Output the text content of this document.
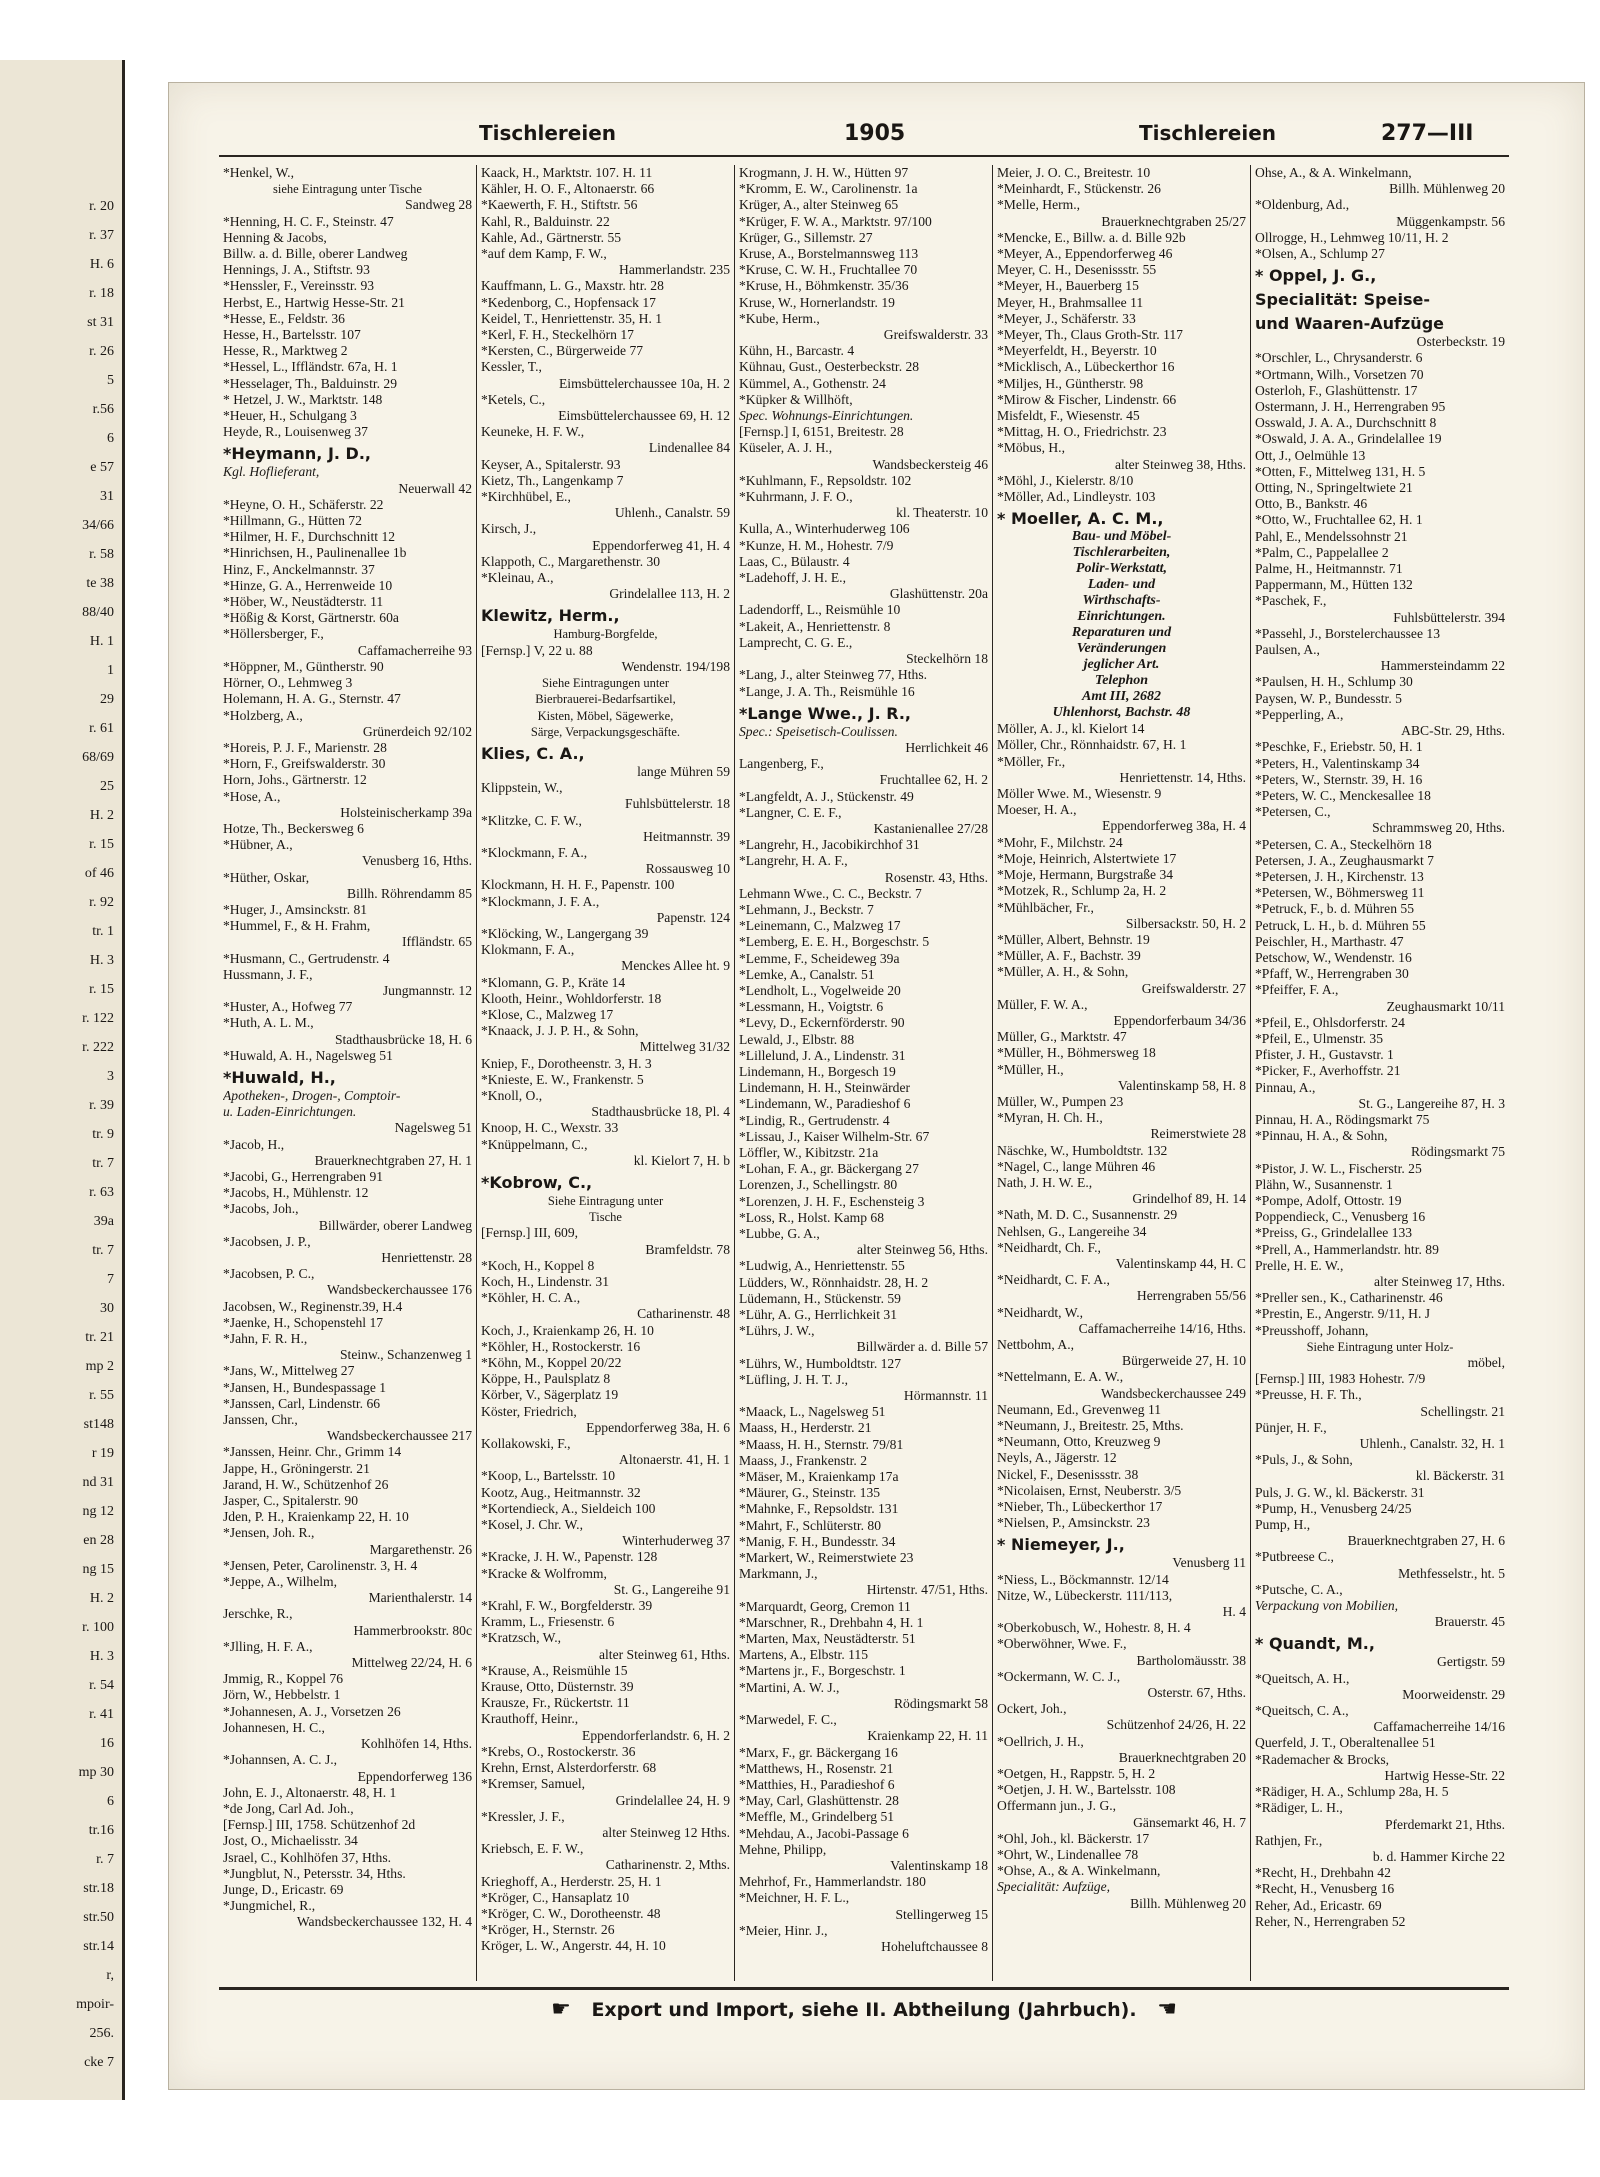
r. 20
r. 37
H. 6
r. 18
st 31
r. 26
5
r.56
6
e 57
31
34/66
r. 58
te 38
88/40
H. 1
1
29
r. 61
68/69
25
H. 2
r. 15
of 46
r. 92
tr. 1
H. 3
r. 15
r. 122
r. 222
3
r. 39
tr. 9
tr. 7
r. 63
39a
tr. 7
7
30
tr. 21
mp 2
r. 55
st148
r 19
nd 31
ng 12
en 28
ng 15
H. 2
r. 100
H. 3
r. 54
r. 41
16
mp 30
6
tr.16
r. 7
str.18
str.50
str.14
r,
mpoir-
256.
cke 7
Tischlereien	1905	Tischlereien	277—III
*Henkel, W.,
siehe Eintragung unter Tische
Sandweg 28
*Henning, H. C. F., Steinstr. 47
Henning & Jacobs,
Billw. a. d. Bille, oberer Landweg
Hennings, J. A., Stiftstr. 93
*Henssler, F., Vereinsstr. 93
Herbst, E., Hartwig Hesse-Str. 21
*Hesse, E., Feldstr. 36
Hesse, H., Bartelsstr. 107
Hesse, R., Marktweg 2
*Hessel, L., Iffländstr. 67a, H. 1
*Hesselager, Th., Balduinstr. 29
* Hetzel, J. W., Marktstr. 148
*Heuer, H., Schulgang 3
Heyde, R., Louisenweg 37
*Heymann, J. D.,
Kgl. Hoflieferant,
Neuerwall 42
*Heyne, O. H., Schäferstr. 22
*Hillmann, G., Hütten 72
*Hilmer, H. F., Durchschnitt 12
*Hinrichsen, H., Paulinenallee 1b
Hinz, F., Anckelmannstr. 37
*Hinze, G. A., Herrenweide 10
*Höber, W., Neustädterstr. 11
*Hößig & Korst, Gärtnerstr. 60a
*Höllersberger, F.,
Caffamacherreihe 93
*Höppner, M., Güntherstr. 90
Hörner, O., Lehmweg 3
Holemann, H. A. G., Sternstr. 47
*Holzberg, A.,
Grünerdeich 92/102
*Horeis, P. J. F., Marienstr. 28
*Horn, F., Greifswalderstr. 30
Horn, Johs., Gärtnerstr. 12
*Hose, A.,
Holsteinischerkamp 39a
Hotze, Th., Beckersweg 6
*Hübner, A.,
Venusberg 16, Hths.
*Hüther, Oskar,
Billh. Röhrendamm 85
*Huger, J., Amsinckstr. 81
*Hummel, F., & H. Frahm,
Iffländstr. 65
*Husmann, C., Gertrudenstr. 4
Hussmann, J. F.,
Jungmannstr. 12
*Huster, A., Hofweg 77
*Huth, A. L. M.,
Stadthausbrücke 18, H. 6
*Huwald, A. H., Nagelsweg 51
*Huwald, H.,
Apotheken-, Drogen-, Comptoir-
u. Laden-Einrichtungen.
Nagelsweg 51
*Jacob, H.,
Brauerknechtgraben 27, H. 1
*Jacobi, G., Herrengraben 91
*Jacobs, H., Mühlenstr. 12
*Jacobs, Joh.,
Billwärder, oberer Landweg
*Jacobsen, J. P.,
Henriettenstr. 28
*Jacobsen, P. C.,
Wandsbeckerchaussee 176
Jacobsen, W., Reginenstr.39, H.4
*Jaenke, H., Schopenstehl 17
*Jahn, F. R. H.,
Steinw., Schanzenweg 1
*Jans, W., Mittelweg 27
*Jansen, H., Bundespassage 1
*Janssen, Carl, Lindenstr. 66
Janssen, Chr.,
Wandsbeckerchaussee 217
*Janssen, Heinr. Chr., Grimm 14
Jappe, H., Gröningerstr. 21
Jarand, H. W., Schützenhof 26
Jasper, C., Spitalerstr. 90
Jden, P. H., Kraienkamp 22, H. 10
*Jensen, Joh. R.,
Margarethenstr. 26
*Jensen, Peter, Carolinenstr. 3, H. 4
*Jeppe, A., Wilhelm,
Marienthalerstr. 14
Jerschke, R.,
Hammerbrookstr. 80c
*Jlling, H. F. A.,
Mittelweg 22/24, H. 6
Jmmig, R., Koppel 76
Jörn, W., Hebbelstr. 1
*Johannesen, A. J., Vorsetzen 26
Johannesen, H. C.,
Kohlhöfen 14, Hths.
*Johannsen, A. C. J.,
Eppendorferweg 136
John, E. J., Altonaerstr. 48, H. 1
*de Jong, Carl Ad. Joh.,
[Fernsp.] III, 1758. Schützenhof 2d
Jost, O., Michaelisstr. 34
Jsrael, C., Kohlhöfen 37, Hths.
*Jungblut, N., Petersstr. 34, Hths.
Junge, D., Ericastr. 69
*Jungmichel, R.,
Wandsbeckerchaussee 132, H. 4
Kaack, H., Marktstr. 107. H. 11
Kähler, H. O. F., Altonaerstr. 66
*Kaewerth, F. H., Stiftstr. 56
Kahl, R., Balduinstr. 22
Kahle, Ad., Gärtnerstr. 55
*auf dem Kamp, F. W.,
Hammerlandstr. 235
Kauffmann, L. G., Maxstr. htr. 28
*Kedenborg, C., Hopfensack 17
Keidel, T., Henriettenstr. 35, H. 1
*Kerl, F. H., Steckelhörn 17
*Kersten, C., Bürgerweide 77
Kessler, T.,
Eimsbüttelerchaussee 10a, H. 2
*Ketels, C.,
Eimsbüttelerchaussee 69, H. 12
Keuneke, H. F. W.,
Lindenallee 84
Keyser, A., Spitalerstr. 93
Kietz, Th., Langenkamp 7
*Kirchhübel, E.,
Uhlenh., Canalstr. 59
Kirsch, J.,
Eppendorferweg 41, H. 4
Klappoth, C., Margarethenstr. 30
*Kleinau, A.,
Grindelallee 113, H. 2
Klewitz, Herm.,
Hamburg-Borgfelde,
[Fernsp.] V, 22 u. 88
Wendenstr. 194/198
Siehe Eintragungen unter
Bierbrauerei-Bedarfsartikel,
Kisten, Möbel, Sägewerke,
Särge, Verpackungsgeschäfte.
Klies, C. A.,
lange Mühren 59
Klippstein, W.,
Fuhlsbüttelerstr. 18
*Klitzke, C. F. W.,
Heitmannstr. 39
*Klockmann, F. A.,
Rossausweg 10
Klockmann, H. H. F., Papenstr. 100
*Klockmann, J. F. A.,
Papenstr. 124
*Klöcking, W., Langergang 39
Klokmann, F. A.,
Menckes Allee ht. 9
*Klomann, G. P., Kräte 14
Klooth, Heinr., Wohldorferstr. 18
*Klose, C., Malzweg 17
*Knaack, J. J. P. H., & Sohn,
Mittelweg 31/32
Kniep, F., Dorotheenstr. 3, H. 3
*Knieste, E. W., Frankenstr. 5
*Knoll, O.,
Stadthausbrücke 18, Pl. 4
Knoop, H. C., Wexstr. 33
*Knüppelmann, C.,
kl. Kielort 7, H. b
*Kobrow, C.,
Siehe Eintragung unter
Tische
[Fernsp.] III, 609,
Bramfeldstr. 78
*Koch, H., Koppel 8
Koch, H., Lindenstr. 31
*Köhler, H. C. A.,
Catharinenstr. 48
Koch, J., Kraienkamp 26, H. 10
*Köhler, H., Rostockerstr. 16
*Köhn, M., Koppel 20/22
Köppe, H., Paulsplatz 8
Körber, V., Sägerplatz 19
Köster, Friedrich,
Eppendorferweg 38a, H. 6
Kollakowski, F.,
Altonaerstr. 41, H. 1
*Koop, L., Bartelsstr. 10
Kootz, Aug., Heitmannstr. 32
*Kortendieck, A., Sieldeich 100
*Kosel, J. Chr. W.,
Winterhuderweg 37
*Kracke, J. H. W., Papenstr. 128
*Kracke & Wolfromm,
St. G., Langereihe 91
*Krahl, F. W., Borgfelderstr. 39
Kramm, L., Friesenstr. 6
*Kratzsch, W.,
alter Steinweg 61, Hths.
*Krause, A., Reismühle 15
Krause, Otto, Düsternstr. 39
Krausze, Fr., Rückertstr. 11
Krauthoff, Heinr.,
Eppendorferlandstr. 6, H. 2
*Krebs, O., Rostockerstr. 36
Krehn, Ernst, Alsterdorferstr. 68
*Kremser, Samuel,
Grindelallee 24, H. 9
*Kressler, J. F.,
alter Steinweg 12 Hths.
Kriebsch, E. F. W.,
Catharinenstr. 2, Mths.
Krieghoff, A., Herderstr. 25, H. 1
*Kröger, C., Hansaplatz 10
*Kröger, C. W., Dorotheenstr. 48
*Kröger, H., Sternstr. 26
Kröger, L. W., Angerstr. 44, H. 10
Krogmann, J. H. W., Hütten 97
*Kromm, E. W., Carolinenstr. 1a
Krüger, A., alter Steinweg 65
*Krüger, F. W. A., Marktstr. 97/100
Krüger, G., Sillemstr. 27
Kruse, A., Borstelmannsweg 113
*Kruse, C. W. H., Fruchtallee 70
*Kruse, H., Böhmkenstr. 35/36
Kruse, W., Hornerlandstr. 19
*Kube, Herm.,
Greifswalderstr. 33
Kühn, H., Barcastr. 4
Kühnau, Gust., Oesterbeckstr. 28
Kümmel, A., Gothenstr. 24
*Küpker & Willhöft,
Spec. Wohnungs-Einrichtungen.
[Fernsp.] I, 6151, Breitestr. 28
Küseler, A. J. H.,
Wandsbeckersteig 46
*Kuhlmann, F., Repsoldstr. 102
*Kuhrmann, J. F. O.,
kl. Theaterstr. 10
Kulla, A., Winterhuderweg 106
*Kunze, H. M., Hohestr. 7/9
Laas, C., Bülaustr. 4
*Ladehoff, J. H. E.,
Glashüttenstr. 20a
Ladendorff, L., Reismühle 10
*Lakeit, A., Henriettenstr. 8
Lamprecht, C. G. E.,
Steckelhörn 18
*Lang, J., alter Steinweg 77, Hths.
*Lange, J. A. Th., Reismühle 16
*Lange Wwe., J. R.,
Spec.: Speisetisch-Coulissen.
Herrlichkeit 46
Langenberg, F.,
Fruchtallee 62, H. 2
*Langfeldt, A. J., Stückenstr. 49
*Langner, C. E. F.,
Kastanienallee 27/28
*Langrehr, H., Jacobikirchhof 31
*Langrehr, H. A. F.,
Rosenstr. 43, Hths.
Lehmann Wwe., C. C., Beckstr. 7
*Lehmann, J., Beckstr. 7
*Leinemann, C., Malzweg 17
*Lemberg, E. E. H., Borgeschstr. 5
*Lemme, F., Scheideweg 39a
*Lemke, A., Canalstr. 51
*Lendholt, L., Vogelweide 20
*Lessmann, H., Voigtstr. 6
*Levy, D., Eckernförderstr. 90
Lewald, J., Elbstr. 88
*Lillelund, J. A., Lindenstr. 31
Lindemann, H., Borgesch 19
Lindemann, H. H., Steinwärder
*Lindemann, W., Paradieshof 6
*Lindig, R., Gertrudenstr. 4
*Lissau, J., Kaiser Wilhelm-Str. 67
Löffler, W., Kibitzstr. 21a
*Lohan, F. A., gr. Bäckergang 27
Lorenzen, J., Schellingstr. 80
*Lorenzen, J. H. F., Eschensteig 3
*Loss, R., Holst. Kamp 68
*Lubbe, G. A.,
alter Steinweg 56, Hths.
*Ludwig, A., Henriettenstr. 55
Lüdders, W., Rönnhaidstr. 28, H. 2
Lüdemann, H., Stückenstr. 59
*Lühr, A. G., Herrlichkeit 31
*Lührs, J. W.,
Billwärder a. d. Bille 57
*Lührs, W., Humboldtstr. 127
*Lüfling, J. H. T. J.,
Hörmannstr. 11
*Maack, L., Nagelsweg 51
Maass, H., Herderstr. 21
*Maass, H. H., Sternstr. 79/81
Maass, J., Frankenstr. 2
*Mäser, M., Kraienkamp 17a
*Mäurer, G., Steinstr. 135
*Mahnke, F., Repsoldstr. 131
*Mahrt, F., Schlüterstr. 80
*Manig, F. H., Bundesstr. 34
*Markert, W., Reimerstwiete 23
Markmann, J.,
Hirtenstr. 47/51, Hths.
*Marquardt, Georg, Cremon 11
*Marschner, R., Drehbahn 4, H. 1
*Marten, Max, Neustädterstr. 51
Martens, A., Elbstr. 115
*Martens jr., F., Borgeschstr. 1
*Martini, A. W. J.,
Rödingsmarkt 58
*Marwedel, F. C.,
Kraienkamp 22, H. 11
*Marx, F., gr. Bäckergang 16
*Matthews, H., Rosenstr. 21
*Matthies, H., Paradieshof 6
*May, Carl, Glashüttenstr. 28
*Meffle, M., Grindelberg 51
*Mehdau, A., Jacobi-Passage 6
Mehne, Philipp,
Valentinskamp 18
Mehrhof, Fr., Hammerlandstr. 180
*Meichner, H. F. L.,
Stellingerweg 15
*Meier, Hinr. J.,
Hoheluftchaussee 8
Meier, J. O. C., Breitestr. 10
*Meinhardt, F., Stückenstr. 26
*Melle, Herm.,
Brauerknechtgraben 25/27
*Mencke, E., Billw. a. d. Bille 92b
*Meyer, A., Eppendorferweg 46
Meyer, C. H., Desenissstr. 55
*Meyer, H., Bauerberg 15
Meyer, H., Brahmsallee 11
*Meyer, J., Schäferstr. 33
*Meyer, Th., Claus Groth-Str. 117
*Meyerfeldt, H., Beyerstr. 10
*Micklisch, A., Lübeckerthor 16
*Miljes, H., Güntherstr. 98
*Mirow & Fischer, Lindenstr. 66
Misfeldt, F., Wiesenstr. 45
*Mittag, H. O., Friedrichstr. 23
*Möbus, H.,
alter Steinweg 38, Hths.
*Möhl, J., Kielerstr. 8/10
*Möller, Ad., Lindleystr. 103
* Moeller, A. C. M.,
Bau- und Möbel-
Tischlerarbeiten,
Polir-Werkstatt,
Laden- und
Wirthschafts-
Einrichtungen.
Reparaturen und
Veränderungen
jeglicher Art.
Telephon
Amt III, 2682
Uhlenhorst, Bachstr. 48
Möller, A. J., kl. Kielort 14
Möller, Chr., Rönnhaidstr. 67, H. 1
*Möller, Fr.,
Henriettenstr. 14, Hths.
Möller Wwe. M., Wiesenstr. 9
Moeser, H. A.,
Eppendorferweg 38a, H. 4
*Mohr, F., Milchstr. 24
*Moje, Heinrich, Alstertwiete 17
*Moje, Hermann, Burgstraße 34
*Motzek, R., Schlump 2a, H. 2
*Mühlbächer, Fr.,
Silbersackstr. 50, H. 2
*Müller, Albert, Behnstr. 19
*Müller, A. F., Bachstr. 39
*Müller, A. H., & Sohn,
Greifswalderstr. 27
Müller, F. W. A.,
Eppendorferbaum 34/36
Müller, G., Marktstr. 47
*Müller, H., Böhmersweg 18
*Müller, H.,
Valentinskamp 58, H. 8
Müller, W., Pumpen 23
*Myran, H. Ch. H.,
Reimerstwiete 28
Näschke, W., Humboldtstr. 132
*Nagel, C., lange Mühren 46
Nath, J. H. W. E.,
Grindelhof 89, H. 14
*Nath, M. D. C., Susannenstr. 29
Nehlsen, G., Langereihe 34
*Neidhardt, Ch. F.,
Valentinskamp 44, H. C
*Neidhardt, C. F. A.,
Herrengraben 55/56
*Neidhardt, W.,
Caffamacherreihe 14/16, Hths.
Nettbohm, A.,
Bürgerweide 27, H. 10
*Nettelmann, E. A. W.,
Wandsbeckerchaussee 249
Neumann, Ed., Grevenweg 11
*Neumann, J., Breitestr. 25, Mths.
*Neumann, Otto, Kreuzweg 9
Neyls, A., Jägerstr. 12
Nickel, F., Desenissstr. 38
*Nicolaisen, Ernst, Neuberstr. 3/5
*Nieber, Th., Lübeckerthor 17
*Nielsen, P., Amsinckstr. 23
* Niemeyer, J.,
Venusberg 11
*Niess, L., Böckmannstr. 12/14
Nitze, W., Lübeckerstr. 111/113,
H. 4
*Oberkobusch, W., Hohestr. 8, H. 4
*Oberwöhner, Wwe. F.,
Bartholomäusstr. 38
*Ockermann, W. C. J.,
Osterstr. 67, Hths.
Ockert, Joh.,
Schützenhof 24/26, H. 22
*Oellrich, J. H.,
Brauerknechtgraben 20
*Oetgen, H., Rappstr. 5, H. 2
*Oetjen, J. H. W., Bartelsstr. 108
Offermann jun., J. G.,
Gänsemarkt 46, H. 7
*Ohl, Joh., kl. Bäckerstr. 17
*Ohrt, W., Lindenallee 78
*Ohse, A., & A. Winkelmann,
Specialität: Aufzüge,
Billh. Mühlenweg 20
Ohse, A., & A. Winkelmann,
Billh. Mühlenweg 20
*Oldenburg, Ad.,
Müggenkampstr. 56
Ollrogge, H., Lehmweg 10/11, H. 2
*Olsen, A., Schlump 27
* Oppel, J. G.,
Specialität: Speise-
und Waaren-Aufzüge
Osterbeckstr. 19
*Orschler, L., Chrysanderstr. 6
*Ortmann, Wilh., Vorsetzen 70
Osterloh, F., Glashüttenstr. 17
Ostermann, J. H., Herrengraben 95
Osswald, J. A. A., Durchschnitt 8
*Oswald, J. A. A., Grindelallee 19
Ott, J., Oelmühle 13
*Otten, F., Mittelweg 131, H. 5
Otting, N., Springeltwiete 21
Otto, B., Bankstr. 46
*Otto, W., Fruchtallee 62, H. 1
Pahl, E., Mendelssohnstr 21
*Palm, C., Pappelallee 2
Palme, H., Heitmannstr. 71
Pappermann, M., Hütten 132
*Paschek, F.,
Fuhlsbüttelerstr. 394
*Passehl, J., Borstelerchaussee 13
Paulsen, A.,
Hammersteindamm 22
*Paulsen, H. H., Schlump 30
Paysen, W. P., Bundesstr. 5
*Pepperling, A.,
ABC-Str. 29, Hths.
*Peschke, F., Eriebstr. 50, H. 1
*Peters, H., Valentinskamp 34
*Peters, W., Sternstr. 39, H. 16
*Peters, W. C., Menckesallee 18
*Petersen, C.,
Schrammsweg 20, Hths.
*Petersen, C. A., Steckelhörn 18
Petersen, J. A., Zeughausmarkt 7
*Petersen, J. H., Kirchenstr. 13
*Petersen, W., Böhmersweg 11
*Petruck, F., b. d. Mühren 55
Petruck, L. H., b. d. Mühren 55
Peischler, H., Marthastr. 47
Petschow, W., Wendenstr. 16
*Pfaff, W., Herrengraben 30
*Pfeiffer, F. A.,
Zeughausmarkt 10/11
*Pfeil, E., Ohlsdorferstr. 24
*Pfeil, E., Ulmenstr. 35
Pfister, J. H., Gustavstr. 1
*Picker, F., Averhoffstr. 21
Pinnau, A.,
St. G., Langereihe 87, H. 3
Pinnau, H. A., Rödingsmarkt 75
*Pinnau, H. A., & Sohn,
Rödingsmarkt 75
*Pistor, J. W. L., Fischerstr. 25
Plähn, W., Susannenstr. 1
*Pompe, Adolf, Ottostr. 19
Poppendieck, C., Venusberg 16
*Preiss, G., Grindelallee 133
*Prell, A., Hammerlandstr. htr. 89
Prelle, H. E. W.,
alter Steinweg 17, Hths.
*Preller sen., K., Catharinenstr. 46
*Prestin, E., Angerstr. 9/11, H. J
*Preusshoff, Johann,
Siehe Eintragung unter Holz-
möbel,
[Fernsp.] III, 1983 Hohestr. 7/9
*Preusse, H. F. Th.,
Schellingstr. 21
Pünjer, H. F.,
Uhlenh., Canalstr. 32, H. 1
*Puls, J., & Sohn,
kl. Bäckerstr. 31
Puls, J. G. W., kl. Bäckerstr. 31
*Pump, H., Venusberg 24/25
Pump, H.,
Brauerknechtgraben 27, H. 6
*Putbreese C.,
Methfesselstr., ht. 5
*Putsche, C. A.,
Verpackung von Mobilien,
Brauerstr. 45
* Quandt, M.,
Gertigstr. 59
*Queitsch, A. H.,
Moorweidenstr. 29
*Queitsch, C. A.,
Caffamacherreihe 14/16
Querfeld, J. T., Oberaltenallee 51
*Rademacher & Brocks,
Hartwig Hesse-Str. 22
*Rädiger, H. A., Schlump 28a, H. 5
*Rädiger, L. H.,
Pferdemarkt 21, Hths.
Rathjen, Fr.,
b. d. Hammer Kirche 22
*Recht, H., Drehbahn 42
*Recht, H., Venusberg 16
Reher, Ad., Ericastr. 69
Reher, N., Herrengraben 52
☛ Export und Import, siehe II. Abtheilung (Jahrbuch). ☚
